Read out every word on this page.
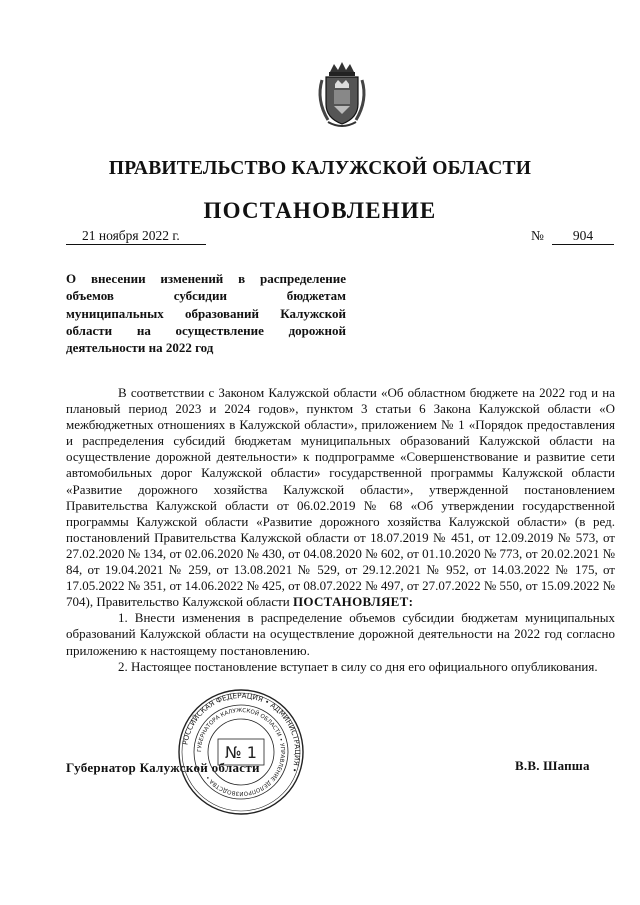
ПРАВИТЕЛЬСТВО КАЛУЖСКОЙ ОБЛАСТИ
ПОСТАНОВЛЕНИЕ
21 ноября 2022 г.	№	904
О внесении изменений в распределение
объемов субсидии бюджетам
муниципальных образований Калужской
области на осуществление дорожной
деятельности на 2022 год

В соответствии с Законом Калужской области «Об областном бюджете на 2022 год и на плановый период 2023 и 2024 годов», пунктом 3 статьи 6 Закона Калужской области «О межбюджетных отношениях в Калужской области», приложением № 1 «Порядок предоставления и распределения субсидий бюджетам муниципальных образований Калужской области на осуществление дорожной деятельности» к подпрограмме «Совершенствование и развитие сети автомобильных дорог Калужской области» государственной программы Калужской области «Развитие дорожного хозяйства Калужской области», утвержденной постановлением Правительства Калужской области от 06.02.2019 № 68 «Об утверждении государственной программы Калужской области «Развитие дорожного хозяйства Калужской области» (в ред. постановлений Правительства Калужской области от 18.07.2019 № 451, от 12.09.2019 № 573, от 27.02.2020 № 134, от 02.06.2020 № 430, от 04.08.2020 № 602, от 01.10.2020 № 773, от 20.02.2021 № 84, от 19.04.2021 № 259, от 13.08.2021 № 529, от 29.12.2021 № 952, от 14.03.2022 № 175, от 17.05.2022 № 351, от 14.06.2022 № 425, от 08.07.2022 № 497, от 27.07.2022 № 550, от 15.09.2022 № 704), Правительство Калужской области ПОСТАНОВЛЯЕТ:

1. Внести изменения в распределение объемов субсидии бюджетам муниципальных образований Калужской области на осуществление дорожной деятельности на 2022 год согласно приложению к настоящему постановлению.

2. Настоящее постановление вступает в силу со дня его официального опубликования.

Губернатор Калужской области	В.В. Шапша
РОССИЙСКАЯ ФЕДЕРАЦИЯ • АДМИНИСТРАЦИЯ •
ГУБЕРНАТОРА КАЛУЖСКОЙ ОБЛАСТИ • УПРАВЛЕНИЕ ДЕЛОПРОИЗВОДСТВА •
№ 1
